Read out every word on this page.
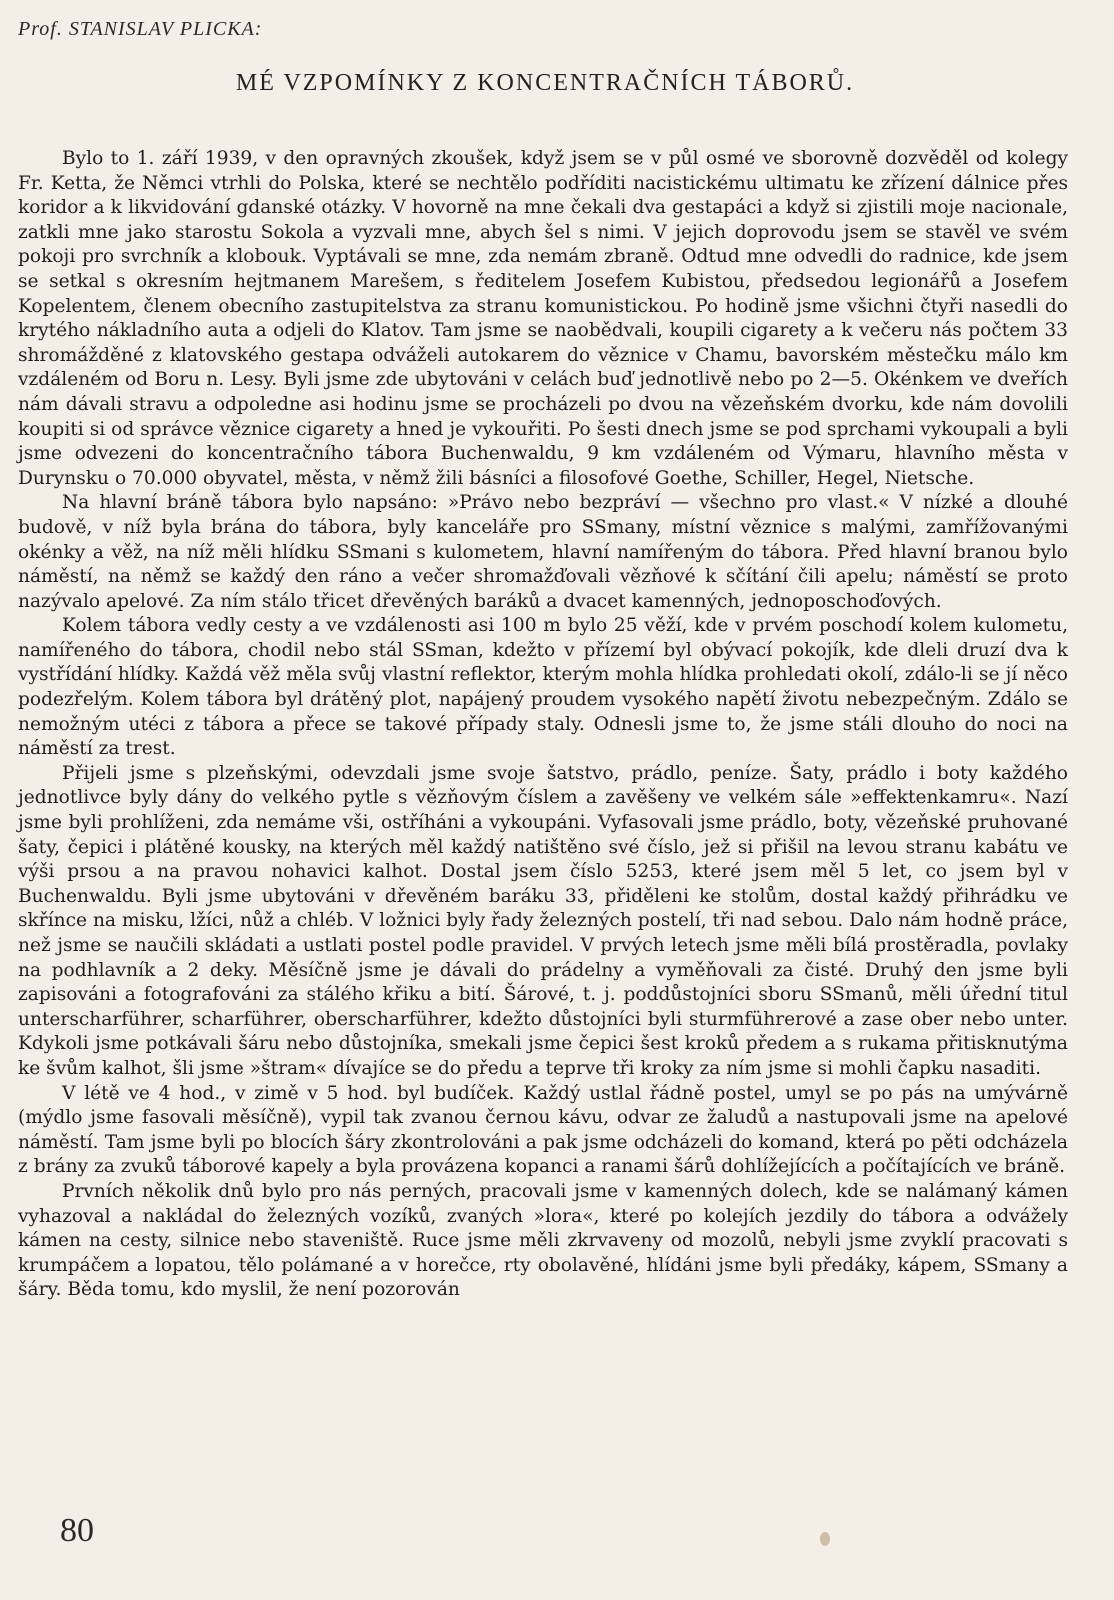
Prof. STANISLAV PLICKA:
MÉ VZPOMÍNKY Z KONCENTRAČNÍCH TÁBORŮ.

Bylo to 1. září 1939, v den opravných zkoušek, když jsem se v půl osmé ve sborovně dozvěděl od kolegy Fr. Ketta, že Němci vtrhli do Polska, které se nechtělo podříditi nacistickému ultimatu ke zřízení dálnice přes koridor a k likvidování gdanské otázky. V hovorně na mne čekali dva gestapáci a když si zjistili moje nacionale, zatkli mne jako starostu Sokola a vyzvali mne, abych šel s nimi. V jejich doprovodu jsem se stavěl ve svém pokoji pro svrchník a klobouk. Vyptávali se mne, zda nemám zbraně. Odtud mne odvedli do radnice, kde jsem se setkal s okresním hejtmanem Marešem, s ředitelem Josefem Kubistou, předsedou legionářů a Josefem Kopelentem, členem obecního zastupitelstva za stranu komunistickou. Po hodině jsme všichni čtyři nasedli do krytého nákladního auta a odjeli do Klatov. Tam jsme se naobědvali, koupili cigarety a k večeru nás počtem 33 shromážděné z klatovského gestapa odváželi autokarem do věznice v Chamu, bavorském městečku málo km vzdáleném od Boru n. Lesy. Byli jsme zde ubytováni v celách buď jednotlivě nebo po 2—5. Okénkem ve dveřích nám dávali stravu a odpoledne asi hodinu jsme se procházeli po dvou na vězeňském dvorku, kde nám dovolili koupiti si od správce věznice cigarety a hned je vykouřiti. Po šesti dnech jsme se pod sprchami vykoupali a byli jsme odvezeni do koncentračního tábora Buchenwaldu, 9 km vzdáleném od Výmaru, hlavního města v Durynsku o 70.000 obyvatel, města, v němž žili básníci a filosofové Goethe, Schiller, Hegel, Nietsche.

Na hlavní bráně tábora bylo napsáno: »Právo nebo bezpráví — všechno pro vlast.« V nízké a dlouhé budově, v níž byla brána do tábora, byly kanceláře pro SSmany, místní věznice s malými, zamřížovanými okénky a věž, na níž měli hlídku SSmani s kulometem, hlavní namířeným do tábora. Před hlavní branou bylo náměstí, na němž se každý den ráno a večer shromažďovali vězňové k sčítání čili apelu; náměstí se proto nazývalo apelové. Za ním stálo třicet dřevěných baráků a dvacet kamenných, jednoposchoďových.

Kolem tábora vedly cesty a ve vzdálenosti asi 100 m bylo 25 věží, kde v prvém poschodí kolem kulometu, namířeného do tábora, chodil nebo stál SSman, kdežto v přízemí byl obývací pokojík, kde dleli druzí dva k vystřídání hlídky. Každá věž měla svůj vlastní reflektor, kterým mohla hlídka prohledati okolí, zdálo-li se jí něco podezřelým. Kolem tábora byl drátěný plot, napájený proudem vysokého napětí životu nebezpečným. Zdálo se nemožným utéci z tábora a přece se takové případy staly. Odnesli jsme to, že jsme stáli dlouho do noci na náměstí za trest.

Přijeli jsme s plzeňskými, odevzdali jsme svoje šatstvo, prádlo, peníze. Šaty, prádlo i boty každého jednotlivce byly dány do velkého pytle s vězňovým číslem a zavěšeny ve velkém sále »effektenkamru«. Nazí jsme byli prohlíženi, zda nemáme vši, ostříháni a vykoupáni. Vyfasovali jsme prádlo, boty, vězeňské pruhované šaty, čepici i plátěné kousky, na kterých měl každý natištěno své číslo, jež si přišil na levou stranu kabátu ve výši prsou a na pravou nohavici kalhot. Dostal jsem číslo 5253, které jsem měl 5 let, co jsem byl v Buchenwaldu. Byli jsme ubytováni v dřevěném baráku 33, přiděleni ke stolům, dostal každý přihrádku ve skřínce na misku, lžíci, nůž a chléb. V ložnici byly řady železných postelí, tři nad sebou. Dalo nám hodně práce, než jsme se naučili skládati a ustlati postel podle pravidel. V prvých letech jsme měli bílá prostěradla, povlaky na podhlavník a 2 deky. Měsíčně jsme je dávali do prádelny a vyměňovali za čisté. Druhý den jsme byli zapisováni a fotografováni za stálého křiku a bití. Šárové, t. j. poddůstojníci sboru SSmanů, měli úřední titul unterscharführer, scharführer, oberscharführer, kdežto důstojníci byli sturmführerové a zase ober nebo unter. Kdykoli jsme potkávali šáru nebo důstojníka, smekali jsme čepici šest kroků předem a s rukama přitisknutýma ke švům kalhot, šli jsme »štram« dívajíce se do předu a teprve tři kroky za ním jsme si mohli čapku nasaditi.

V létě ve 4 hod., v zimě v 5 hod. byl budíček. Každý ustlal řádně postel, umyl se po pás na umývárně (mýdlo jsme fasovali měsíčně), vypil tak zvanou černou kávu, odvar ze žaludů a nastupovali jsme na apelové náměstí. Tam jsme byli po blocích šáry zkontrolováni a pak jsme odcházeli do komand, která po pěti odcházela z brány za zvuků táborové kapely a byla provázena kopanci a ranami šárů dohlížejících a počítajících ve bráně.

Prvních několik dnů bylo pro nás perných, pracovali jsme v kamenných dolech, kde se nalámaný kámen vyhazoval a nakládal do železných vozíků, zvaných »lora«, které po kolejích jezdily do tábora a odvážely kámen na cesty, silnice nebo staveniště. Ruce jsme měli zkrvaveny od mozolů, nebyli jsme zvyklí pracovati s krumpáčem a lopatou, tělo polámané a v horečce, rty obolavěné, hlídáni jsme byli předáky, kápem, SSmany a šáry. Běda tomu, kdo myslil, že není pozorován

80
